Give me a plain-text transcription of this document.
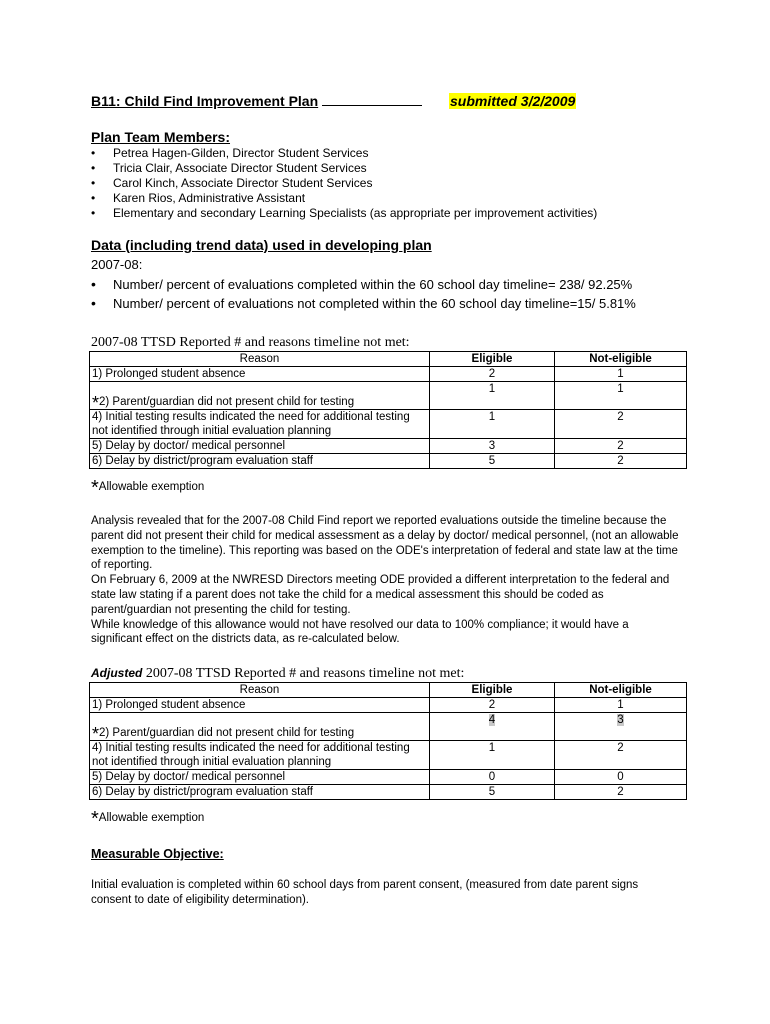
B11: Child Find Improvement Plan	submitted 3/2/2009
Plan Team Members:
• Petrea Hagen-Gilden, Director Student Services
• Tricia Clair, Associate Director Student Services
• Carol Kinch, Associate Director Student Services
• Karen Rios, Administrative Assistant
• Elementary and secondary Learning Specialists (as appropriate per improvement activities)
Data (including trend data) used in developing plan
2007-08:
• Number/ percent of evaluations completed within the 60 school day timeline= 238/ 92.25%
• Number/ percent of evaluations not completed within the 60 school day timeline=15/ 5.81%
2007-08 TTSD Reported # and reasons timeline not met:
Reason	Eligible	Not-eligible
1) Prolonged student absence	2	1
*2) Parent/guardian did not present child for testing	1	1
4) Initial testing results indicated the need for additional testing not identified through initial evaluation planning	1	2
5) Delay by doctor/ medical personnel	3	2
6) Delay by district/program evaluation staff	5	2
*Allowable exemption

Analysis revealed that for the 2007-08 Child Find report we reported evaluations outside the timeline because the parent did not present their child for medical assessment as a delay by doctor/ medical personnel, (not an allowable exemption to the timeline). This reporting was based on the ODE's interpretation of federal and state law at the time of reporting.

On February 6, 2009 at the NWRESD Directors meeting ODE provided a different interpretation to the federal and state law stating if a parent does not take the child for a medical assessment this should be coded as parent/guardian not presenting the child for testing.

While knowledge of this allowance would not have resolved our data to 100% compliance; it would have a significant effect on the districts data, as re-calculated below.

Adjusted 2007-08 TTSD Reported # and reasons timeline not met:
Reason	Eligible	Not-eligible
1) Prolonged student absence	2	1
*2) Parent/guardian did not present child for testing	4	3
4) Initial testing results indicated the need for additional testing not identified through initial evaluation planning	1	2
5) Delay by doctor/ medical personnel	0	0
6) Delay by district/program evaluation staff	5	2
*Allowable exemption
Measurable Objective:
Initial evaluation is completed within 60 school days from parent consent, (measured from date parent signs consent to date of eligibility determination).
